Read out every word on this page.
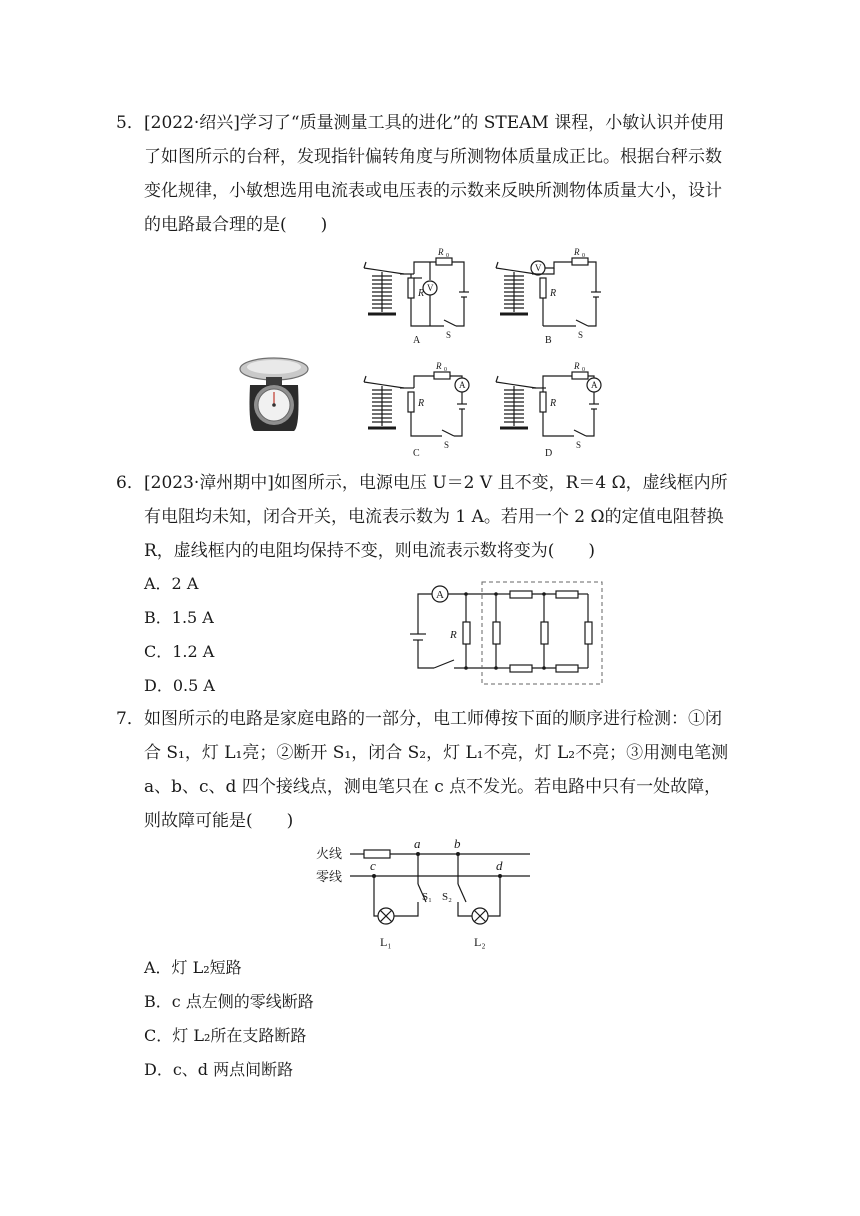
5． [2022·绍兴]学习了“质量测量工具的进化”的 STEAM 课程，小敏认识并使用了如图所示的台秤，发现指针偏转角度与所测物体质量成正比。根据台秤示数变化规律，小敏想选用电流表或电压表的示数来反映所测物体质量大小，设计的电路最合理的是(　　)
R
R 0
V
S
A
R
R 0
V
S
B
R
R 0
A
S
C
R
R 0
A
S
D
6． [2023·漳州期中]如图所示，电源电压 U＝2 V 且不变，R＝4 Ω，虚线框内所有电阻均未知，闭合开关，电流表示数为 1 A。若用一个 2 Ω的定值电阻替换 R，虚线框内的电阻均保持不变，则电流表示数将变为(　　)
A．2 A
B．1.5 A
C．1.2 A
D．0.5 A
A
R
7． 如图所示的电路是家庭电路的一部分，电工师傅按下面的顺序进行检测：①闭合 S₁，灯 L₁亮；②断开 S₁，闭合 S₂，灯 L₁不亮，灯 L₂不亮；③用测电笔测 a、b、c、d 四个接线点，测电笔只在 c 点不发光。若电路中只有一处故障，则故障可能是(　　)
火线
零线
a	b
c	d
S₁ S₂
L₁	L₂
A．灯 L₂短路
B．c 点左侧的零线断路
C．灯 L₂所在支路断路
D．c、d 两点间断路
